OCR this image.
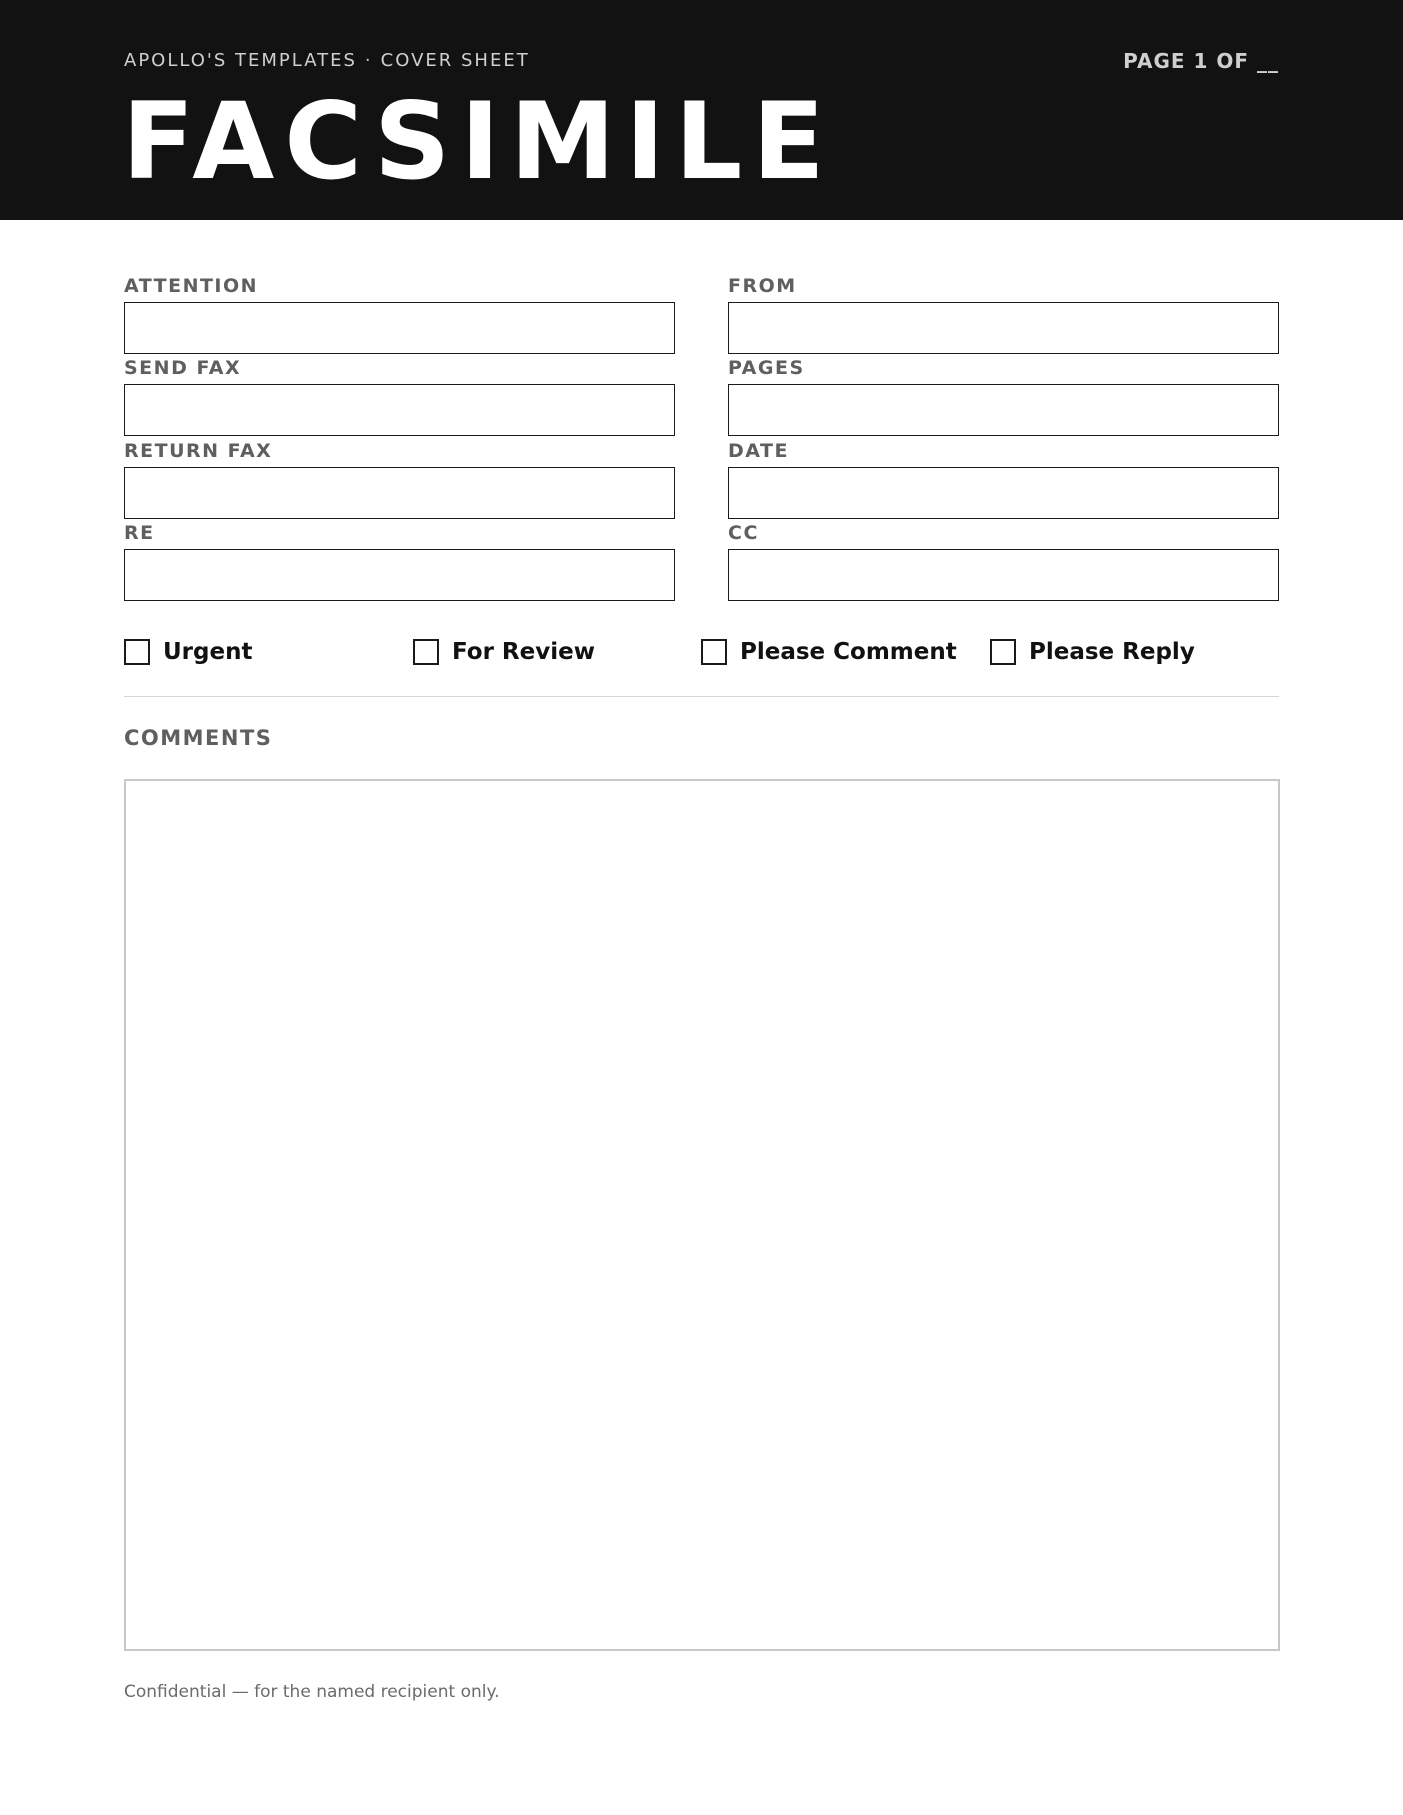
APOLLO'S TEMPLATES · COVER SHEET	PAGE 1 OF __
FACSIMILE
ATTENTION	FROM
SEND FAX	PAGES
RETURN FAX	DATE
RE	CC
Urgent	For Review	Please Comment	Please Reply
COMMENTS
Confidential — for the named recipient only.
